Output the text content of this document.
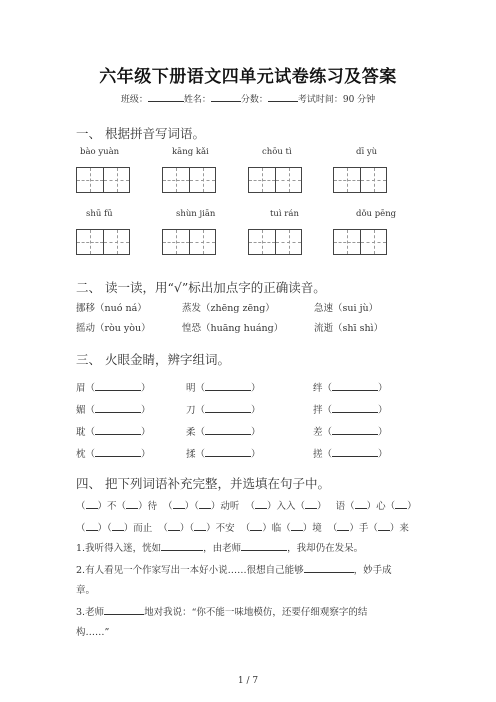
六年级下册语文四单元试卷练习及答案
班级：	姓名：	分数：	考试时间：90 分钟
一、 根据拼音写词语。
bào yuàn	kāng kǎi	chōu tì	dī yù
shū fū	shùn jiān	tuì rán	dǒu pēng
二、 读一读，用“√”标出加点字的正确读音。
挪移（nuó ná）	蒸发（zhēng zēng）	急速（sui jù）
摇动（ròu yòu）	惶恐（huāng huáng）	流逝（shī shì）
三、 火眼金睛，辨字组词。
眉（	）	明（	）	绊（	）
媚（	）	刀（	）	拌（	）
耽（	）	柔（	）	差（	）
枕（	）	揉（	）	搓（	）
四、 把下列词语补充完整，并选填在句子中。
（ ）不（ ）待  （ ）（ ）动听  （ ）入入（ ）   语（ ）心（ ）
（ ）（ ）而止  （ ）（ ）不安  （ ）临（ ）境  （ ）手（ ）来
1.我听得入迷，恍如	，由老师	，我却仍在发呆。
2.有人看见一个作家写出一本好小说……很想自己能够	，妙手成
章。
3.老师	地对我说：“你不能一味地模仿，还要仔细观察字的结
构……”
1 / 7
